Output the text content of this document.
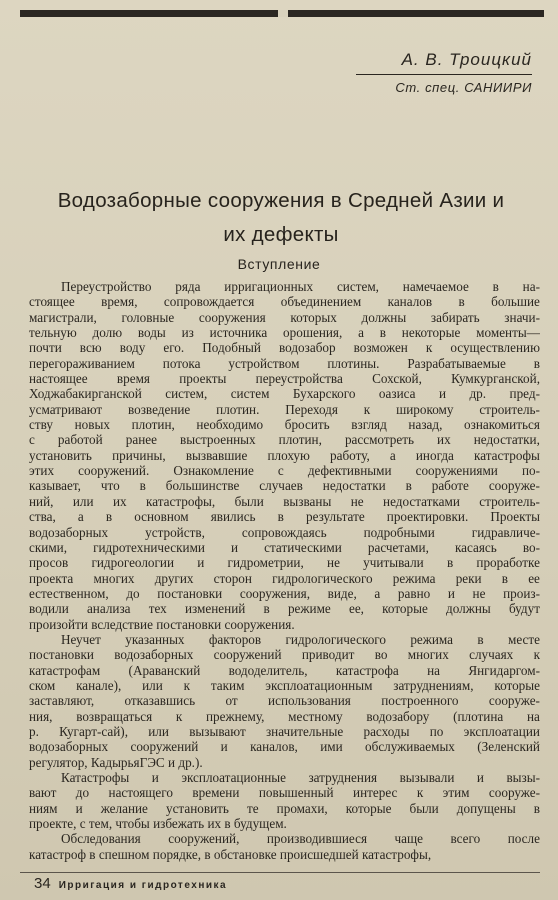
А. В. Троицкий
Ст. спец. САНИИРИ
Водозаборные сооружения в Средней Азии и
их дефекты
Вступление
Переустройство ряда ирригационных систем, намечаемое в на-
стоящее время, сопровождается объединением каналов в большие
магистрали, головные сооружения которых должны забирать значи-
тельную долю воды из источника орошения, а в некоторые моменты—
почти всю воду его. Подобный водозабор возможен к осуществлению
перегораживанием потока устройством плотины. Разрабатываемые в
настоящее время проекты переустройства Сохской, Кумкурганской,
Ходжабакирганской систем, систем Бухарского оазиса и др. пред-
усматривают возведение плотин. Переходя к широкому строитель-
ству новых плотин, необходимо бросить взгляд назад, ознакомиться
с работой ранее выстроенных плотин, рассмотреть их недостатки,
установить причины, вызвавшие плохую работу, а иногда катастрофы
этих сооружений. Ознакомление с дефективными сооружениями по-
казывает, что в большинстве случаев недостатки в работе сооруже-
ний, или их катастрофы, были вызваны не недостатками строитель-
ства, а в основном явились в результате проектировки. Проекты
водозаборных	устройств,	сопровождаясь	подробными	гидравличе-
скими, гидротехническими и статическими расчетами, касаясь во-
просов гидрогеологии и гидрометрии, не учитывали в проработке
проекта многих других сторон гидрологического режима реки в ее
естественном, до постановки сооружения, виде, а равно и не произ-
водили анализа тех изменений в режиме ее, которые должны будут
произойти вследствие постановки сооружения.
Неучет указанных факторов гидрологического режима в месте
постановки водозаборных сооружений приводит во многих случаях к
катастрофам (Араванский вододелитель, катастрофа на Янгидаргом-
ском канале), или к таким эксплоатационным затруднениям, которые
заставляют, отказавшись от использования построенного сооруже-
ния, возвращаться к прежнему, местному водозабору (плотина на
р. Кугарт-сай), или вызывают значительные расходы по эксплоатации
водозаборных сооружений и каналов, ими обслуживаемых (Зеленский
регулятор, КадырьяГЭС и др.).
Катастрофы и эксплоатационные затруднения вызывали и вызы-
вают до настоящего времени повышенный интерес к этим сооруже-
ниям и желание установить те промахи, которые были допущены в
проекте, с тем, чтобы избежать их в будущем.
Обследования сооружений, производившиеся чаще всего после
катастроф в спешном порядке, в обстановке происшедшей катастрофы,
34 Ирригация и гидротехника
